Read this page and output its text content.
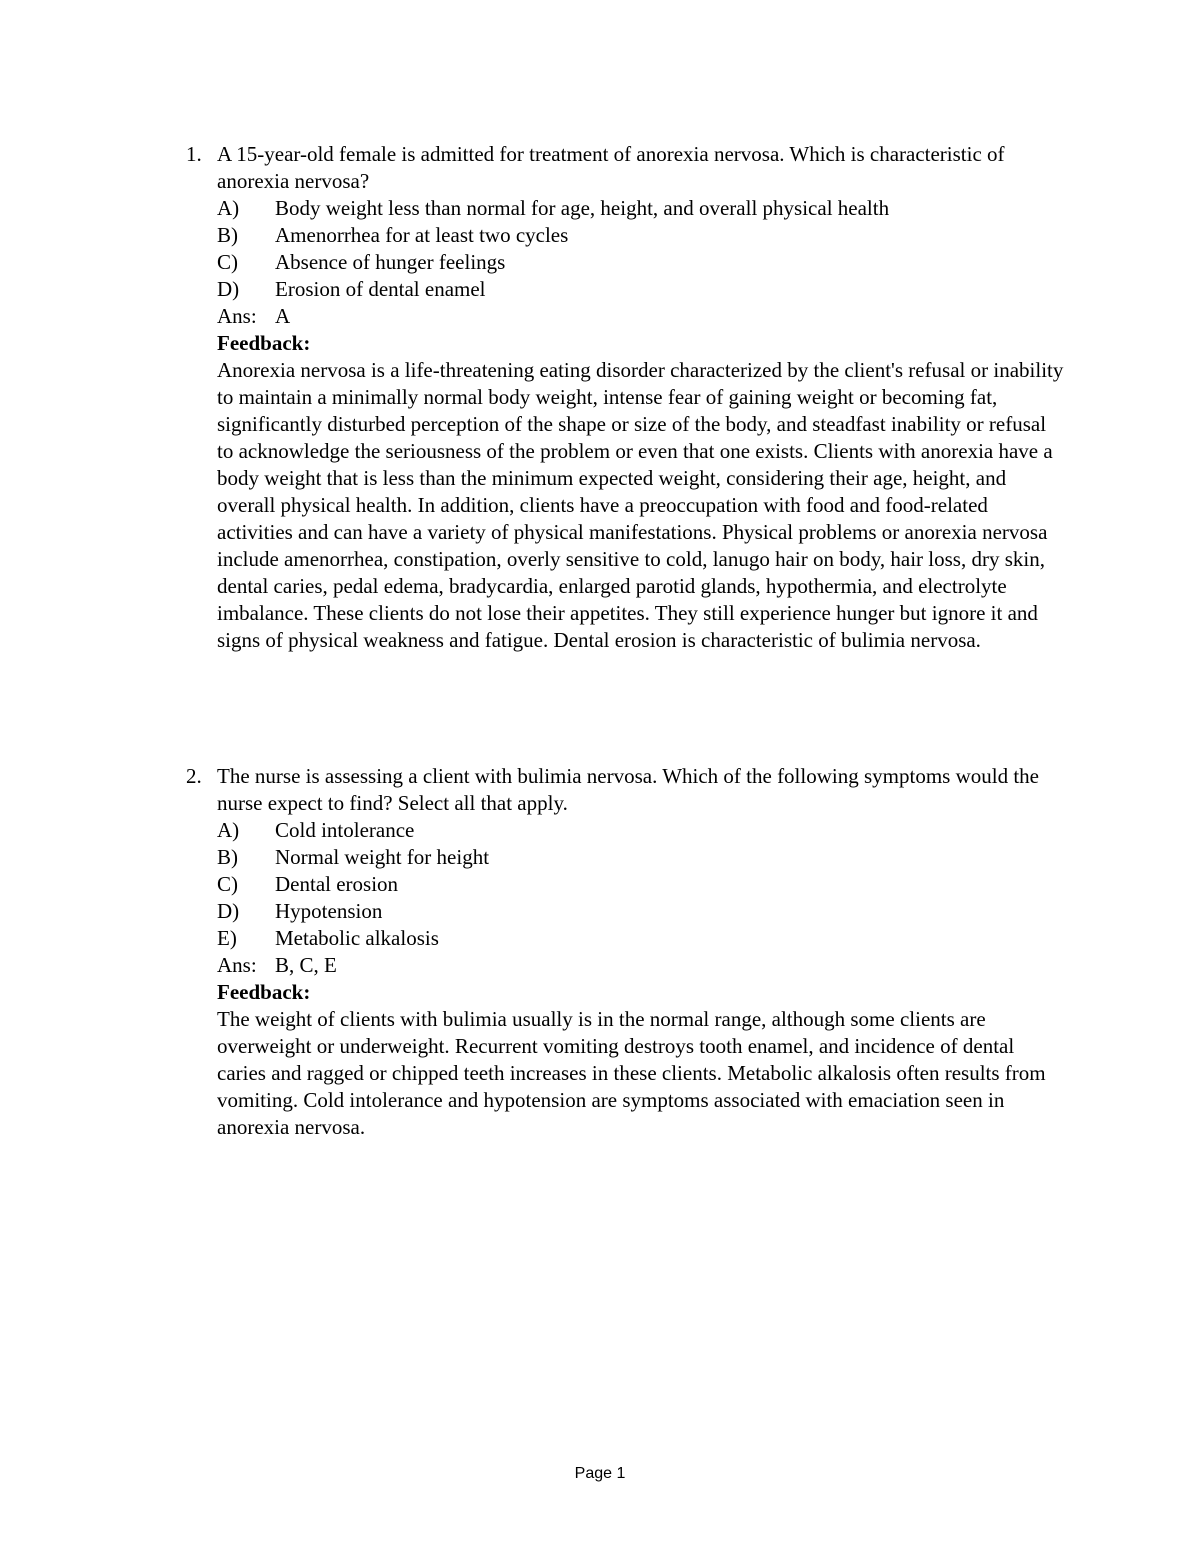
1. A 15-year-old female is admitted for treatment of anorexia nervosa. Which is characteristic of anorexia nervosa?
A)	Body weight less than normal for age, height, and overall physical health
B)	Amenorrhea for at least two cycles
C)	Absence of hunger feelings
D)	Erosion of dental enamel
Ans: A
Feedback:
Anorexia nervosa is a life-threatening eating disorder characterized by the client's refusal or inability to maintain a minimally normal body weight, intense fear of gaining weight or becoming fat, significantly disturbed perception of the shape or size of the body, and steadfast inability or refusal to acknowledge the seriousness of the problem or even that one exists. Clients with anorexia have a body weight that is less than the minimum expected weight, considering their age, height, and overall physical health. In addition, clients have a preoccupation with food and food-related activities and can have a variety of physical manifestations. Physical problems or anorexia nervosa include amenorrhea, constipation, overly sensitive to cold, lanugo hair on body, hair loss, dry skin, dental caries, pedal edema, bradycardia, enlarged parotid glands, hypothermia, and electrolyte imbalance. These clients do not lose their appetites. They still experience hunger but ignore it and signs of physical weakness and fatigue. Dental erosion is characteristic of bulimia nervosa.
2. The nurse is assessing a client with bulimia nervosa. Which of the following symptoms would the nurse expect to find? Select all that apply.
A)	Cold intolerance
B)	Normal weight for height
C)	Dental erosion
D)	Hypotension
E)	Metabolic alkalosis
Ans: B, C, E
Feedback:
The weight of clients with bulimia usually is in the normal range, although some clients are overweight or underweight. Recurrent vomiting destroys tooth enamel, and incidence of dental caries and ragged or chipped teeth increases in these clients. Metabolic alkalosis often results from vomiting. Cold intolerance and hypotension are symptoms associated with emaciation seen in anorexia nervosa.
Page 1
